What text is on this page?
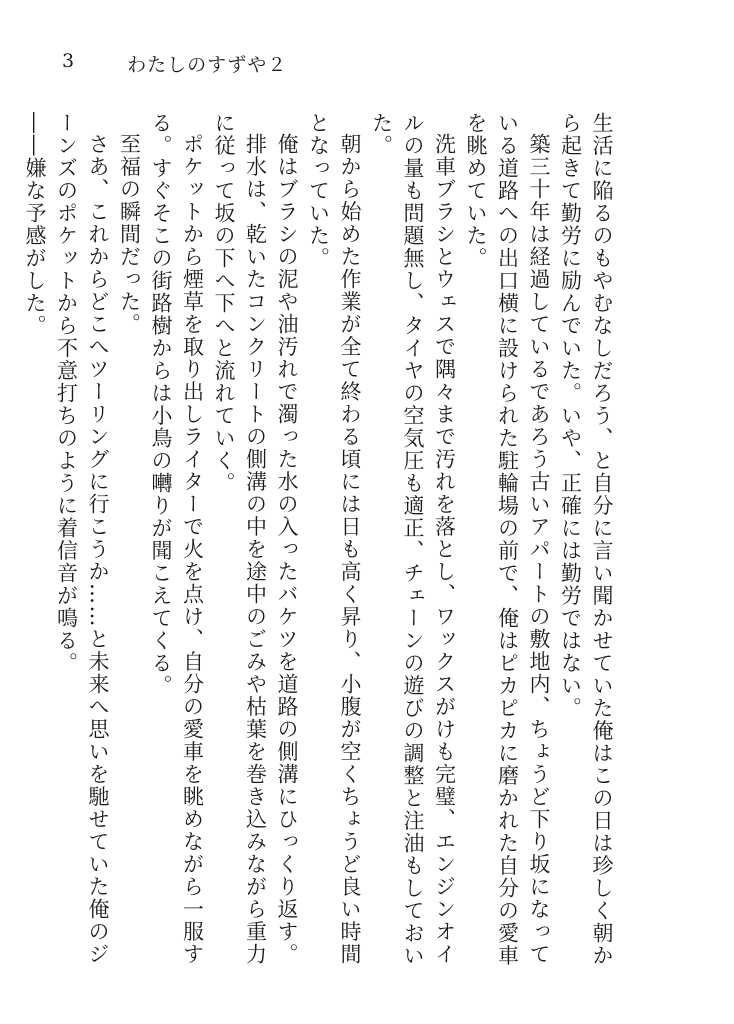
3	わたしのすずや２

生活に陥るのもやむなしだろう、と自分に言い聞かせていた俺はこの日は珍しく朝から起きて勤労に励んでいた。いや、正確には勤労ではない。

築三十年は経過しているであろう古いアパートの敷地内、ちょうど下り坂になっている道路への出口横に設けられた駐輪場の前で、俺はピカピカに磨かれた自分の愛車を眺めていた。

洗車ブラシとウェスで隅々まで汚れを落とし、ワックスがけも完璧、エンジンオイルの量も問題無し、タイヤの空気圧も適正、チェーンの遊びの調整と注油もしておいた。

朝から始めた作業が全て終わる頃には日も高く昇り、小腹が空くちょうど良い時間となっていた。

俺はブラシの泥や油汚れで濁った水の入ったバケツを道路の側溝にひっくり返す。

排水は、乾いたコンクリートの側溝の中を途中のごみや枯葉を巻き込みながら重力に従って坂の下へ下へと流れていく。

ポケットから煙草を取り出しライターで火を点け、自分の愛車を眺めながら一服する。すぐそこの街路樹からは小鳥の囀りが聞こえてくる。

至福の瞬間だった。

さあ、これからどこへツーリングに行こうか……と未来へ思いを馳せていた俺のジーンズのポケットから不意打ちのように着信音が鳴る。

――嫌な予感がした。
